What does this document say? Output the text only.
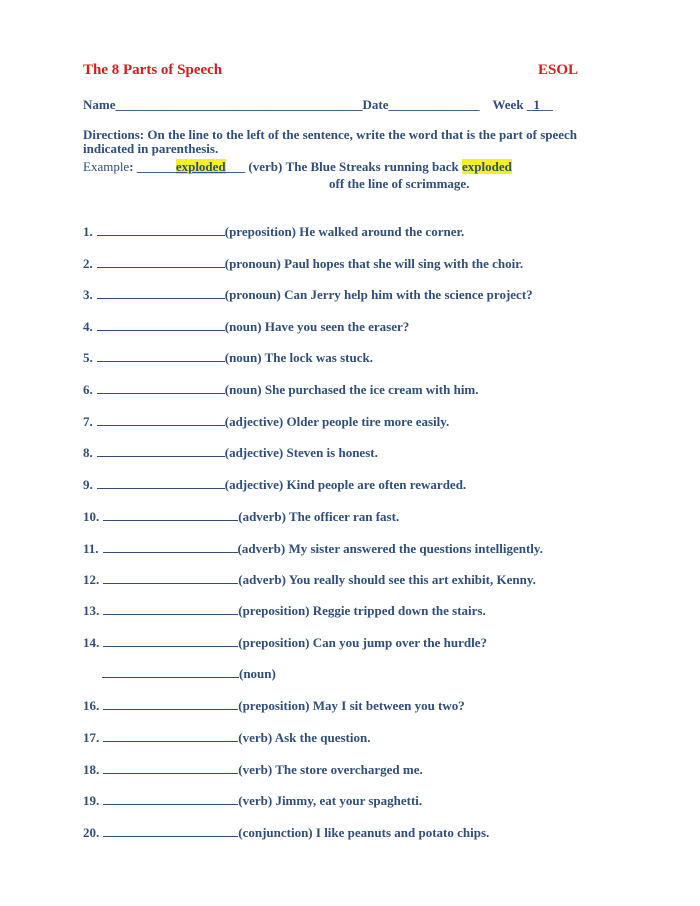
The 8 Parts of Speech	ESOL
Name______________________________________Date______________ Week _1__
Directions: On the line to the left of the sentence, write the word that is the part of speech indicated in parenthesis.
Example: ______exploded___ (verb) The Blue Streaks running back exploded
off the line of scrimmage.
1.	(preposition) He walked around the corner.
2.	(pronoun) Paul hopes that she will sing with the choir.
3.	(pronoun) Can Jerry help him with the science project?
4.	(noun) Have you seen the eraser?
5.	(noun) The lock was stuck.
6.	(noun) She purchased the ice cream with him.
7.	(adjective) Older people tire more easily.
8.	(adjective) Steven is honest.
9.	(adjective) Kind people are often rewarded.
10.	(adverb) The officer ran fast.
11.	(adverb) My sister answered the questions intelligently.
12.	(adverb) You really should see this art exhibit, Kenny.
13.	(preposition) Reggie tripped down the stairs.
14.	(preposition) Can you jump over the hurdle?
(noun)
16.	(preposition) May I sit between you two?
17.	(verb) Ask the question.
18.	(verb) The store overcharged me.
19.	(verb) Jimmy, eat your spaghetti.
20.	(conjunction) I like peanuts and potato chips.
